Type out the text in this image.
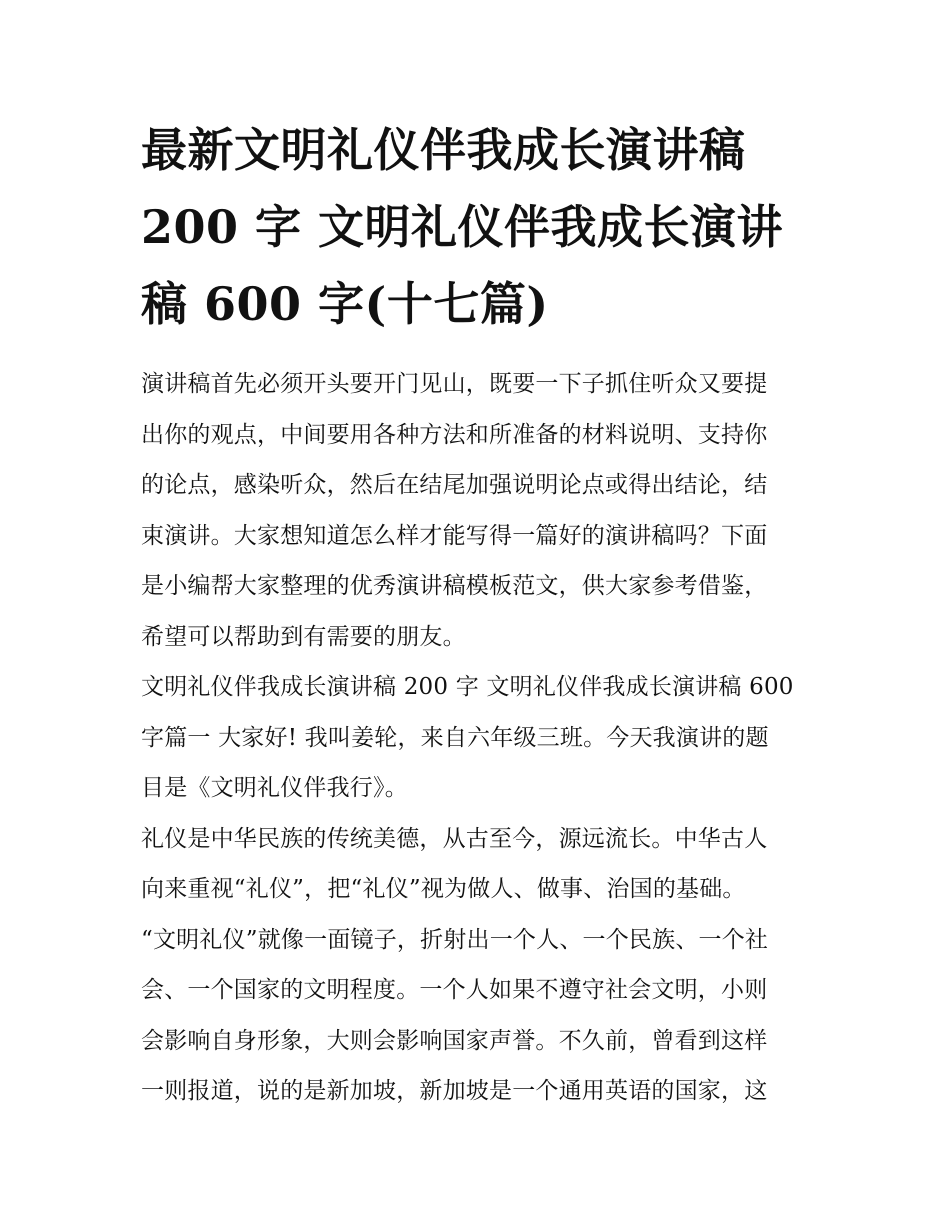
最新文明礼仪伴我成长演讲稿
200 字 文明礼仪伴我成长演讲
稿 600 字(十七篇)
演讲稿首先必须开头要开门见山，既要一下子抓住听众又要提
出你的观点，中间要用各种方法和所准备的材料说明、支持你
的论点，感染听众，然后在结尾加强说明论点或得出结论，结
束演讲。大家想知道怎么样才能写得一篇好的演讲稿吗？下面
是小编帮大家整理的优秀演讲稿模板范文，供大家参考借鉴，
希望可以帮助到有需要的朋友。
文明礼仪伴我成长演讲稿 200 字 文明礼仪伴我成长演讲稿 600
字篇一 大家好! 我叫姜轮，来自六年级三班。今天我演讲的题
目是《文明礼仪伴我行》。
礼仪是中华民族的传统美德，从古至今，源远流长。中华古人
向来重视“礼仪”，把“礼仪”视为做人、做事、治国的基础。
“文明礼仪”就像一面镜子，折射出一个人、一个民族、一个社
会、一个国家的文明程度。一个人如果不遵守社会文明，小则
会影响自身形象，大则会影响国家声誉。不久前，曾看到这样
一则报道，说的是新加坡，新加坡是一个通用英语的国家，这
